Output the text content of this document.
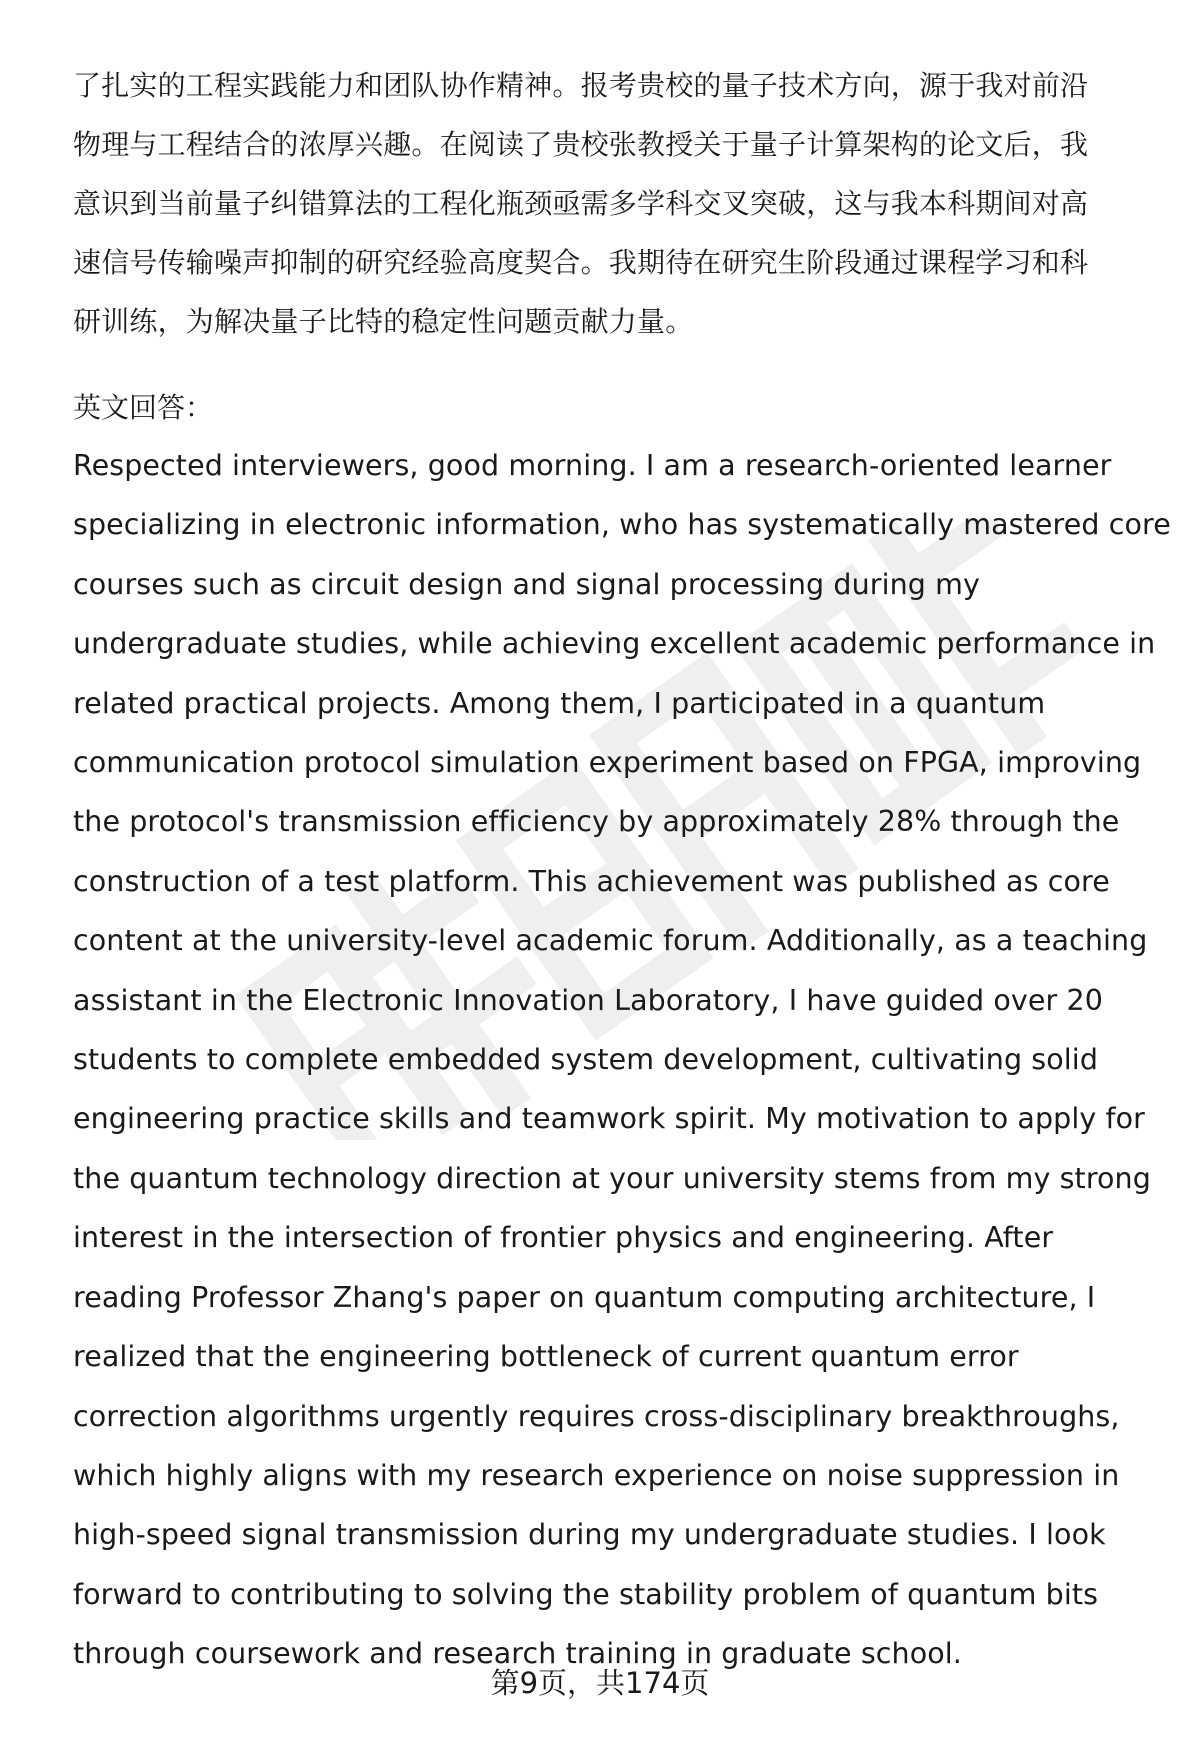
了扎实的工程实践能力和团队协作精神。报考贵校的量子技术方向，源于我对前沿
物理与工程结合的浓厚兴趣。在阅读了贵校张教授关于量子计算架构的论文后，我
意识到当前量子纠错算法的工程化瓶颈亟需多学科交叉突破，这与我本科期间对高
速信号传输噪声抑制的研究经验高度契合。我期待在研究生阶段通过课程学习和科
研训练，为解决量子比特的稳定性问题贡献力量。
英文回答：
Respected interviewers, good morning. I am a research-oriented learner
specializing in electronic information, who has systematically mastered core
courses such as circuit design and signal processing during my
undergraduate studies, while achieving excellent academic performance in
related practical projects. Among them, I participated in a quantum
communication protocol simulation experiment based on FPGA, improving
the protocol's transmission efficiency by approximately 28% through the
construction of a test platform. This achievement was published as core
content at the university-level academic forum. Additionally, as a teaching
assistant in the Electronic Innovation Laboratory, I have guided over 20
students to complete embedded system development, cultivating solid
engineering practice skills and teamwork spirit. My motivation to apply for
the quantum technology direction at your university stems from my strong
interest in the intersection of frontier physics and engineering. After
reading Professor Zhang's paper on quantum computing architecture, I
realized that the engineering bottleneck of current quantum error
correction algorithms urgently requires cross-disciplinary breakthroughs,
which highly aligns with my research experience on noise suppression in
high-speed signal transmission during my undergraduate studies. I look
forward to contributing to solving the stability problem of quantum bits
through coursework and research training in graduate school.
第9页，共174页
